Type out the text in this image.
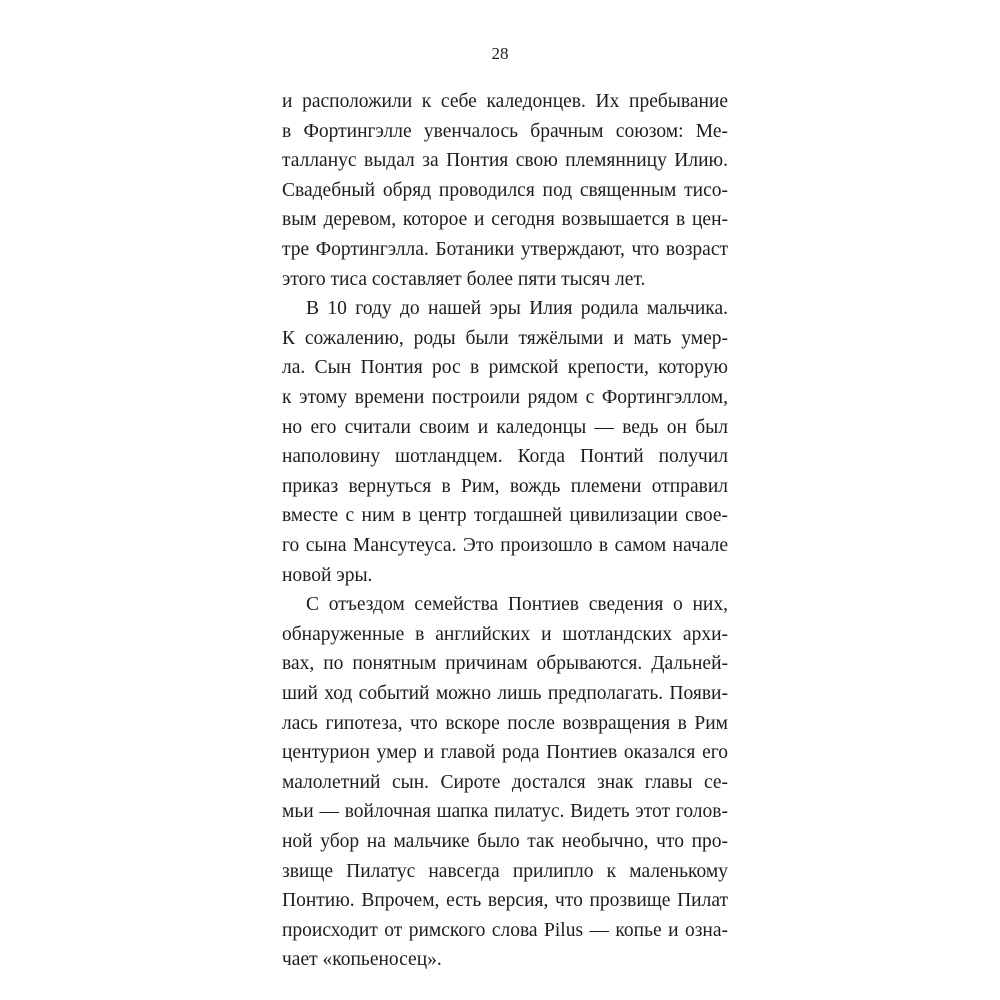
28
и расположили к себе каледонцев. Их пребывание
в Фортингэлле увенчалось брачным союзом: Ме-
талланус выдал за Понтия свою племянницу Илию.
Свадебный обряд проводился под священным тисо-
вым деревом, которое и сегодня возвышается в цен-
тре Фортингэлла. Ботаники утверждают, что возраст
этого тиса составляет более пяти тысяч лет.
В 10 году до нашей эры Илия родила мальчика.
К сожалению, роды были тяжёлыми и мать умер-
ла. Сын Понтия рос в римской крепости, которую
к этому времени построили рядом с Фортингэллом,
но его считали своим и каледонцы — ведь он был
наполовину шотландцем. Когда Понтий получил
приказ вернуться в Рим, вождь племени отправил
вместе с ним в центр тогдашней цивилизации свое-
го сына Мансутеуса. Это произошло в самом начале
новой эры.
С отъездом семейства Понтиев сведения о них,
обнаруженные в английских и шотландских архи-
вах, по понятным причинам обрываются. Дальней-
ший ход событий можно лишь предполагать. Появи-
лась гипотеза, что вскоре после возвращения в Рим
центурион умер и главой рода Понтиев оказался его
малолетний сын. Сироте достался знак главы се-
мьи — войлочная шапка пилатус. Видеть этот голов-
ной убор на мальчике было так необычно, что про-
звище Пилатус навсегда прилипло к маленькому
Понтию. Впрочем, есть версия, что прозвище Пилат
происходит от римского слова Pilus — копье и озна-
чает «копьеносец».
